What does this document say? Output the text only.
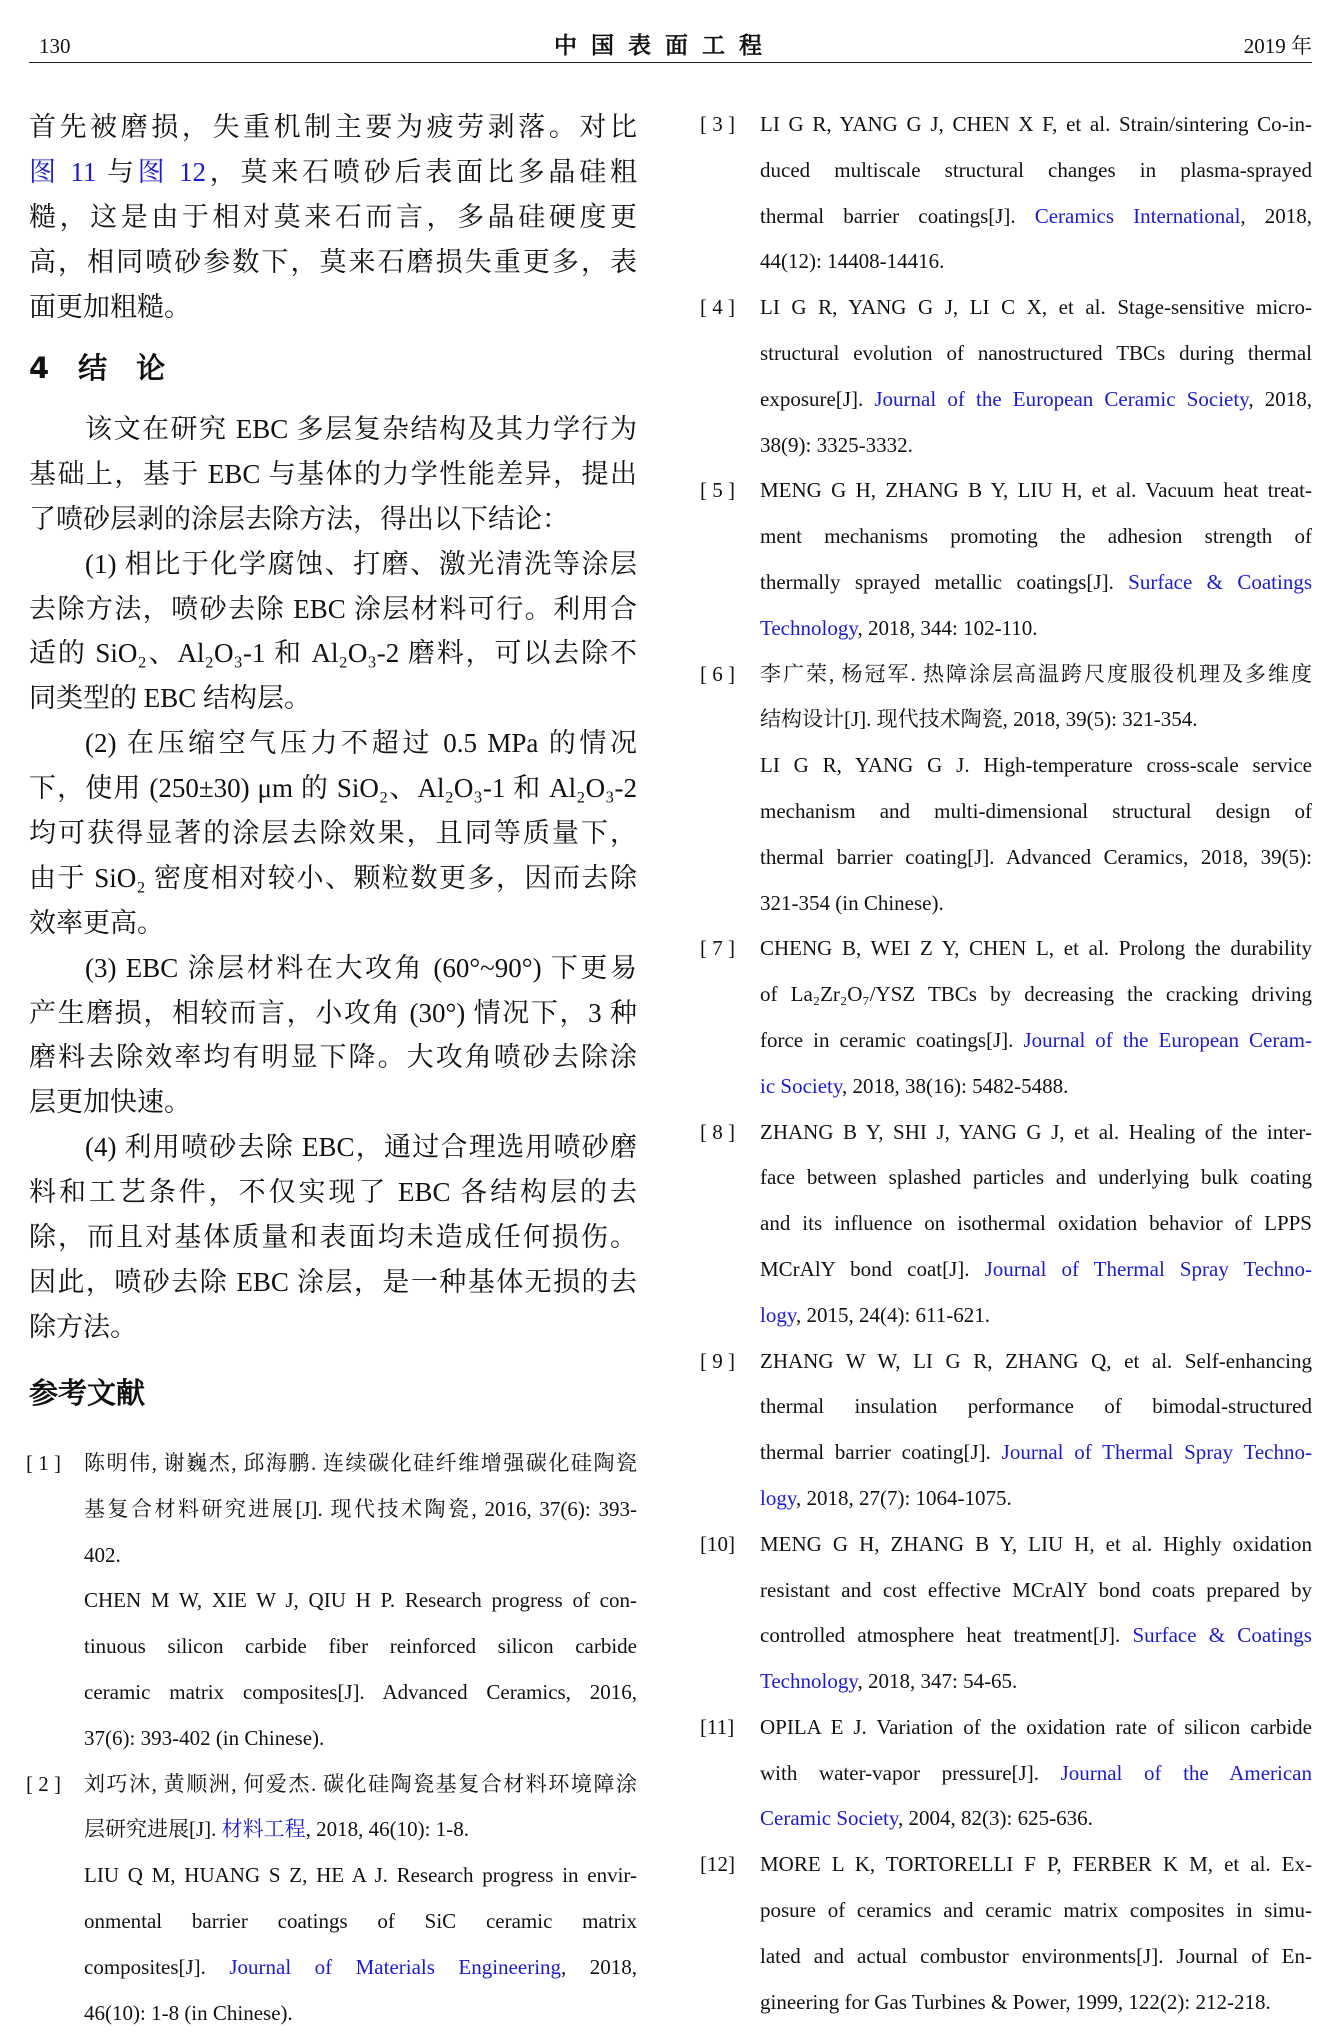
130	中国表面工程	2019 年
首先被磨损，失重机制主要为疲劳剥落。对比
图 11 与图 12，莫来石喷砂后表面比多晶硅粗
糙，这是由于相对莫来石而言，多晶硅硬度更
高，相同喷砂参数下，莫来石磨损失重更多，表
面更加粗糙。
4　结　论
该文在研究 EBC 多层复杂结构及其力学行为
基础上，基于 EBC 与基体的力学性能差异，提出
了喷砂层剥的涂层去除方法，得出以下结论：
(1) 相比于化学腐蚀、打磨、激光清洗等涂层
去除方法，喷砂去除 EBC 涂层材料可行。利用合
适的 SiO₂、Al₂O₃-1 和 Al₂O₃-2 磨料，可以去除不
同类型的 EBC 结构层。
(2) 在压缩空气压力不超过 0.5 MPa 的情况
下，使用 (250±30) μm 的 SiO₂、Al₂O₃-1 和 Al₂O₃-2
均可获得显著的涂层去除效果，且同等质量下，
由于 SiO₂ 密度相对较小、颗粒数更多，因而去除
效率更高。
(3) EBC 涂层材料在大攻角 (60°~90°) 下更易
产生磨损，相较而言，小攻角 (30°) 情况下，3 种
磨料去除效率均有明显下降。大攻角喷砂去除涂
层更加快速。
(4) 利用喷砂去除 EBC，通过合理选用喷砂磨
料和工艺条件，不仅实现了 EBC 各结构层的去
除，而且对基体质量和表面均未造成任何损伤。
因此，喷砂去除 EBC 涂层，是一种基体无损的去
除方法。
参考文献
[ 1 ] 陈明伟, 谢巍杰, 邱海鹏. 连续碳化硅纤维增强碳化硅陶瓷
基复合材料研究进展[J]. 现代技术陶瓷, 2016, 37(6): 393-
402.
CHEN M W, XIE W J, QIU H P. Research progress of con-
tinuous silicon carbide fiber reinforced silicon carbide
ceramic matrix composites[J]. Advanced Ceramics, 2016,
37(6): 393-402 (in Chinese).
[ 2 ] 刘巧沐, 黄顺洲, 何爱杰. 碳化硅陶瓷基复合材料环境障涂
层研究进展[J]. 材料工程, 2018, 46(10): 1-8.
LIU Q M, HUANG S Z, HE A J. Research progress in envir-
onmental barrier coatings of SiC ceramic matrix
composites[J]. Journal of Materials Engineering, 2018,
46(10): 1-8 (in Chinese).
[ 3 ] LI G R, YANG G J, CHEN X F, et al. Strain/sintering Co-in-
duced multiscale structural changes in plasma-sprayed
thermal barrier coatings[J]. Ceramics International, 2018,
44(12): 14408-14416.
[ 4 ] LI G R, YANG G J, LI C X, et al. Stage-sensitive micro-
structural evolution of nanostructured TBCs during thermal
exposure[J]. Journal of the European Ceramic Society, 2018,
38(9): 3325-3332.
[ 5 ] MENG G H, ZHANG B Y, LIU H, et al. Vacuum heat treat-
ment mechanisms promoting the adhesion strength of
thermally sprayed metallic coatings[J]. Surface & Coatings
Technology, 2018, 344: 102-110.
[ 6 ] 李广荣, 杨冠军. 热障涂层高温跨尺度服役机理及多维度
结构设计[J]. 现代技术陶瓷, 2018, 39(5): 321-354.
LI G R, YANG G J. High-temperature cross-scale service
mechanism and multi-dimensional structural design of
thermal barrier coating[J]. Advanced Ceramics, 2018, 39(5):
321-354 (in Chinese).
[ 7 ] CHENG B, WEI Z Y, CHEN L, et al. Prolong the durability
of La₂Zr₂O₇/YSZ TBCs by decreasing the cracking driving
force in ceramic coatings[J]. Journal of the European Ceram-
ic Society, 2018, 38(16): 5482-5488.
[ 8 ] ZHANG B Y, SHI J, YANG G J, et al. Healing of the inter-
face between splashed particles and underlying bulk coating
and its influence on isothermal oxidation behavior of LPPS
MCrAlY bond coat[J]. Journal of Thermal Spray Techno-
logy, 2015, 24(4): 611-621.
[ 9 ] ZHANG W W, LI G R, ZHANG Q, et al. Self-enhancing
thermal insulation performance of bimodal-structured
thermal barrier coating[J]. Journal of Thermal Spray Techno-
logy, 2018, 27(7): 1064-1075.
[10] MENG G H, ZHANG B Y, LIU H, et al. Highly oxidation
resistant and cost effective MCrAlY bond coats prepared by
controlled atmosphere heat treatment[J]. Surface & Coatings
Technology, 2018, 347: 54-65.
[11] OPILA E J. Variation of the oxidation rate of silicon carbide
with water-vapor pressure[J]. Journal of the American
Ceramic Society, 2004, 82(3): 625-636.
[12] MORE L K, TORTORELLI F P, FERBER K M, et al. Ex-
posure of ceramics and ceramic matrix composites in simu-
lated and actual combustor environments[J]. Journal of En-
gineering for Gas Turbines & Power, 1999, 122(2): 212-218.
